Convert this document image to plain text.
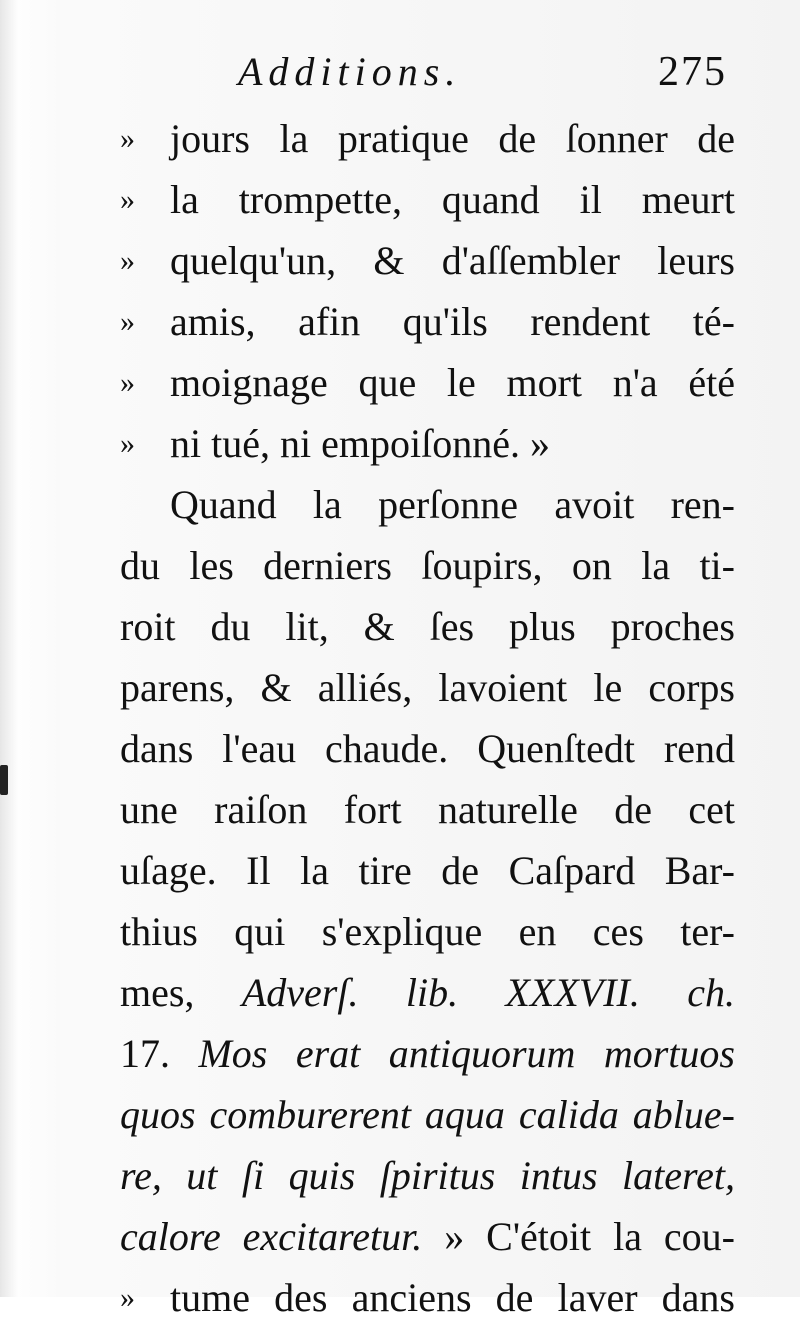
Additions.	275
» jours la pratique de ſonner de
» la trompette, quand il meurt
» quelqu'un, & d'aſſembler leurs
» amis, afin qu'ils rendent té-
» moignage que le mort n'a été
» ni tué, ni empoiſonné. »
Quand la perſonne avoit ren-
du les derniers ſoupirs, on la ti-
roit du lit, & ſes plus proches
parens, & alliés, lavoient le corps
dans l'eau chaude. Quenſtedt rend
une raiſon fort naturelle de cet
uſage. Il la tire de Caſpard Bar-
thius qui s'explique en ces ter-
mes, Adverſ. lib. XXXVII. ch.
17. Mos erat antiquorum mortuos
quos comburerent aqua calida ablue-
re, ut ſi quis ſpiritus intus lateret,
calore excitaretur. » C'étoit la cou-
» tume des anciens de laver dans
